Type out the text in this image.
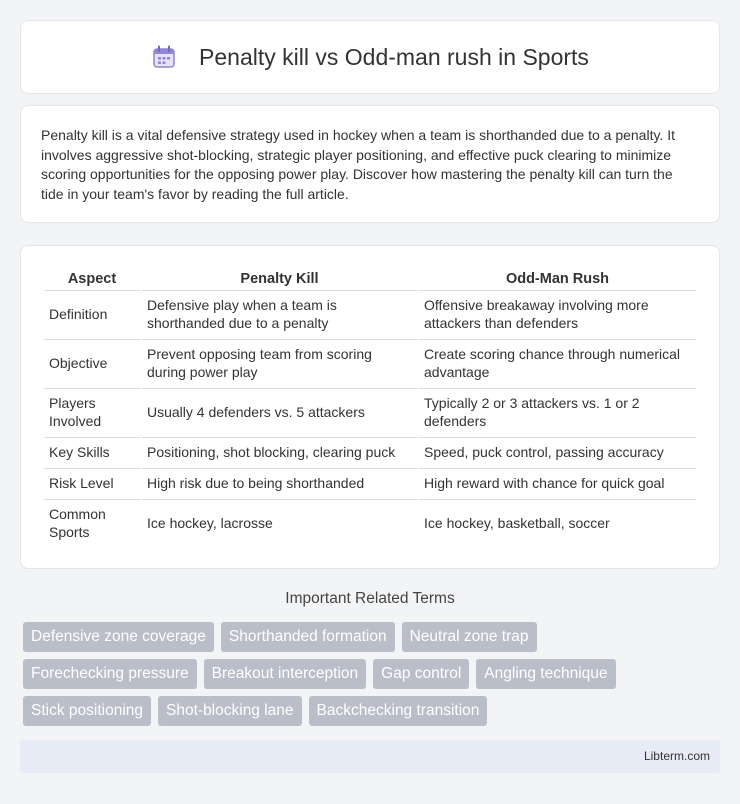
Penalty kill vs Odd-man rush in Sports

Penalty kill is a vital defensive strategy used in hockey when a team is shorthanded due to a penalty. It involves aggressive shot-blocking, strategic player positioning, and effective puck clearing to minimize scoring opportunities for the opposing power play. Discover how mastering the penalty kill can turn the tide in your team's favor by reading the full article.

Aspect	Penalty Kill	Odd-Man Rush
Definition	Defensive play when a team is shorthanded due to a penalty	Offensive breakaway involving more attackers than defenders
Objective	Prevent opposing team from scoring during power play	Create scoring chance through numerical advantage
Players Involved	Usually 4 defenders vs. 5 attackers	Typically 2 or 3 attackers vs. 1 or 2 defenders
Key Skills	Positioning, shot blocking, clearing puck	Speed, puck control, passing accuracy
Risk Level	High risk due to being shorthanded	High reward with chance for quick goal
Common Sports	Ice hockey, lacrosse	Ice hockey, basketball, soccer
Important Related Terms
Defensive zone coverage	Shorthanded formation	Neutral zone trap
Forechecking pressure	Breakout interception	Gap control	Angling technique
Stick positioning	Shot-blocking lane	Backchecking transition
Libterm.com
